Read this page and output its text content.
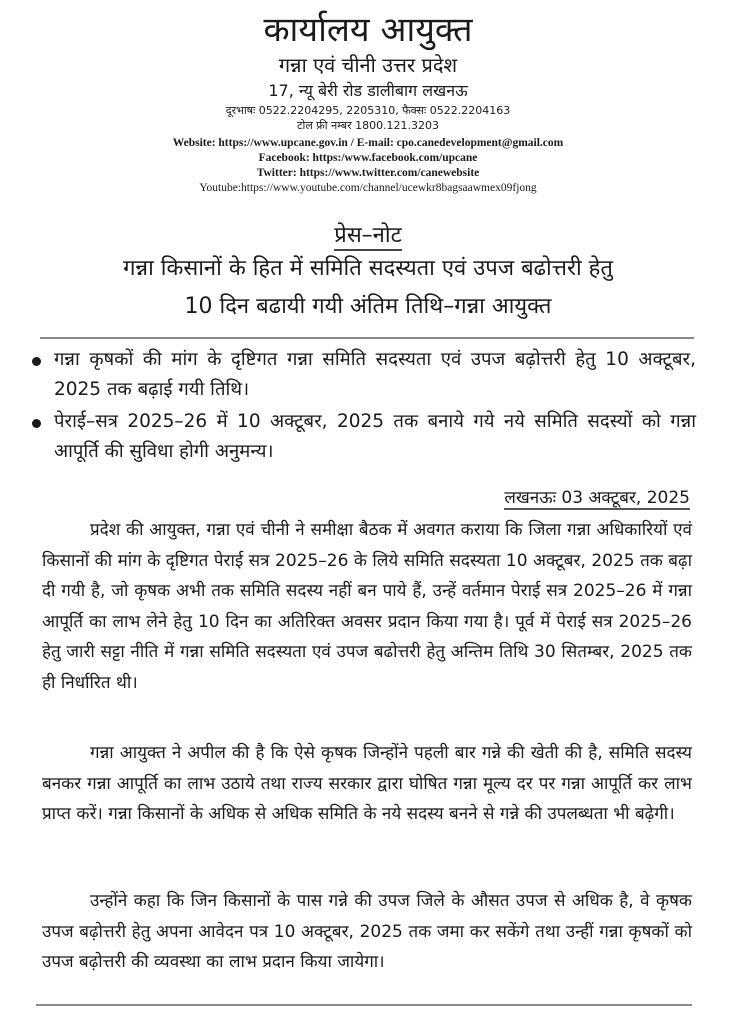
कार्यालय आयुक्त
गन्ना एवं चीनी उत्तर प्रदेश
17, न्यू बेरी रोड डालीबाग लखनऊ
दूरभाषः 0522.2204295, 2205310, फैक्सः 0522.2204163
टोल फ्री नम्बर 1800.121.3203
Website: https://www.upcane.gov.in / E-mail: cpo.canedevelopment@gmail.com
Facebook: https:/www.facebook.com/upcane
Twitter: https://www.twitter.com/canewebsite
Youtube:https://www.youtube.com/channel/ucewkr8bagsaawmex09fjong
प्रेस–नोट
गन्ना किसानों के हित में समिति सदस्यता एवं उपज बढोत्तरी हेतु
10 दिन बढायी गयी अंतिम तिथि–गन्ना आयुक्त
गन्ना कृषकों की मांग के दृष्टिगत गन्ना समिति सदस्यता एवं उपज बढ़ोत्तरी हेतु 10 अक्टूबर, 2025 तक बढ़ाई गयी तिथि।
पेराई–सत्र 2025–26 में 10 अक्टूबर, 2025 तक बनाये गये नये समिति सदस्यों को गन्ना आपूर्ति की सुविधा होगी अनुमन्य।
लखनऊः 03 अक्टूबर, 2025

प्रदेश की आयुक्त, गन्ना एवं चीनी ने समीक्षा बैठक में अवगत कराया कि जिला गन्ना अधिकारियों एवं किसानों की मांग के दृष्टिगत पेराई सत्र 2025–26 के लिये समिति सदस्यता 10 अक्टूबर, 2025 तक बढ़ा दी गयी है, जो कृषक अभी तक समिति सदस्य नहीं बन पाये हैं, उन्हें वर्तमान पेराई सत्र 2025–26 में गन्ना आपूर्ति का लाभ लेने हेतु 10 दिन का अतिरिक्त अवसर प्रदान किया गया है। पूर्व में पेराई सत्र 2025–26 हेतु जारी सट्टा नीति में गन्ना समिति सदस्यता एवं उपज बढोत्तरी हेतु अन्तिम तिथि 30 सितम्बर, 2025 तक ही निर्धारित थी।

गन्ना आयुक्त ने अपील की है कि ऐसे कृषक जिन्होंने पहली बार गन्ने की खेती की है, समिति सदस्य बनकर गन्ना आपूर्ति का लाभ उठाये तथा राज्य सरकार द्वारा घोषित गन्ना मूल्य दर पर गन्ना आपूर्ति कर लाभ प्राप्त करें। गन्ना किसानों के अधिक से अधिक समिति के नये सदस्य बनने से गन्ने की उपलब्धता भी बढ़ेगी।

उन्होंने कहा कि जिन किसानों के पास गन्ने की उपज जिले के औसत उपज से अधिक है, वे कृषक उपज बढ़ोत्तरी हेतु अपना आवेदन पत्र 10 अक्टूबर, 2025 तक जमा कर सकेंगे तथा उन्हीं गन्ना कृषकों को उपज बढ़ोत्तरी की व्यवस्था का लाभ प्रदान किया जायेगा।
